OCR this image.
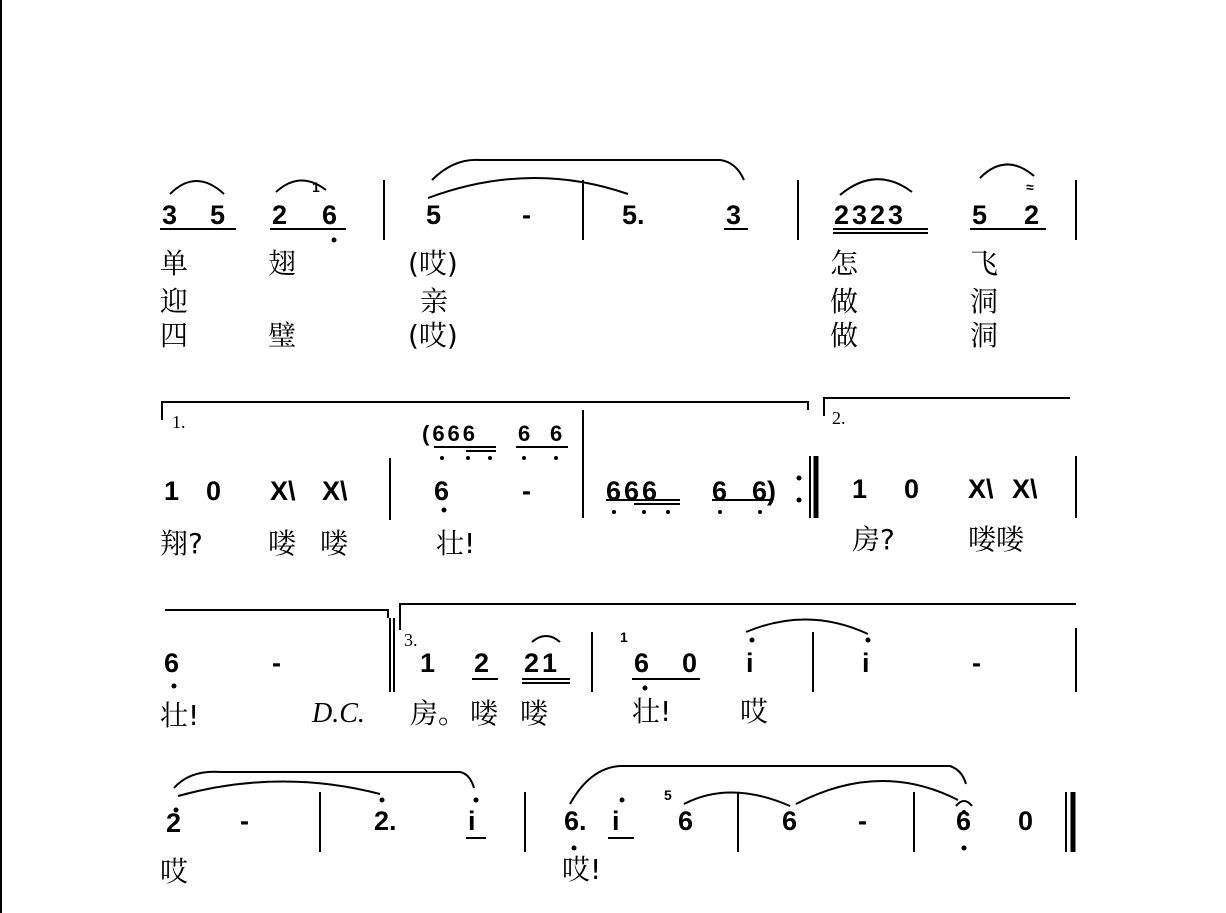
3 5 2
1
6	5	-	5.	3	2323 5 2
≈
单	翅	(哎)	怎	飞
迎	亲	做	洞
四	璧	(哎)	做	洞
1.	2.
(666 6 6
1 0 X\ X\	6	-	666 6 6)	1 0 X\ X\
翔? 喽 喽	壮!	房?	喽喽
3.
6	-	1 2 21
1
6 0 i	i	-
壮!	D.C. 房。 喽 喽	壮! 哎
2 -	2.	i	6. i
5
6	6 -	6 0
哎	哎!
